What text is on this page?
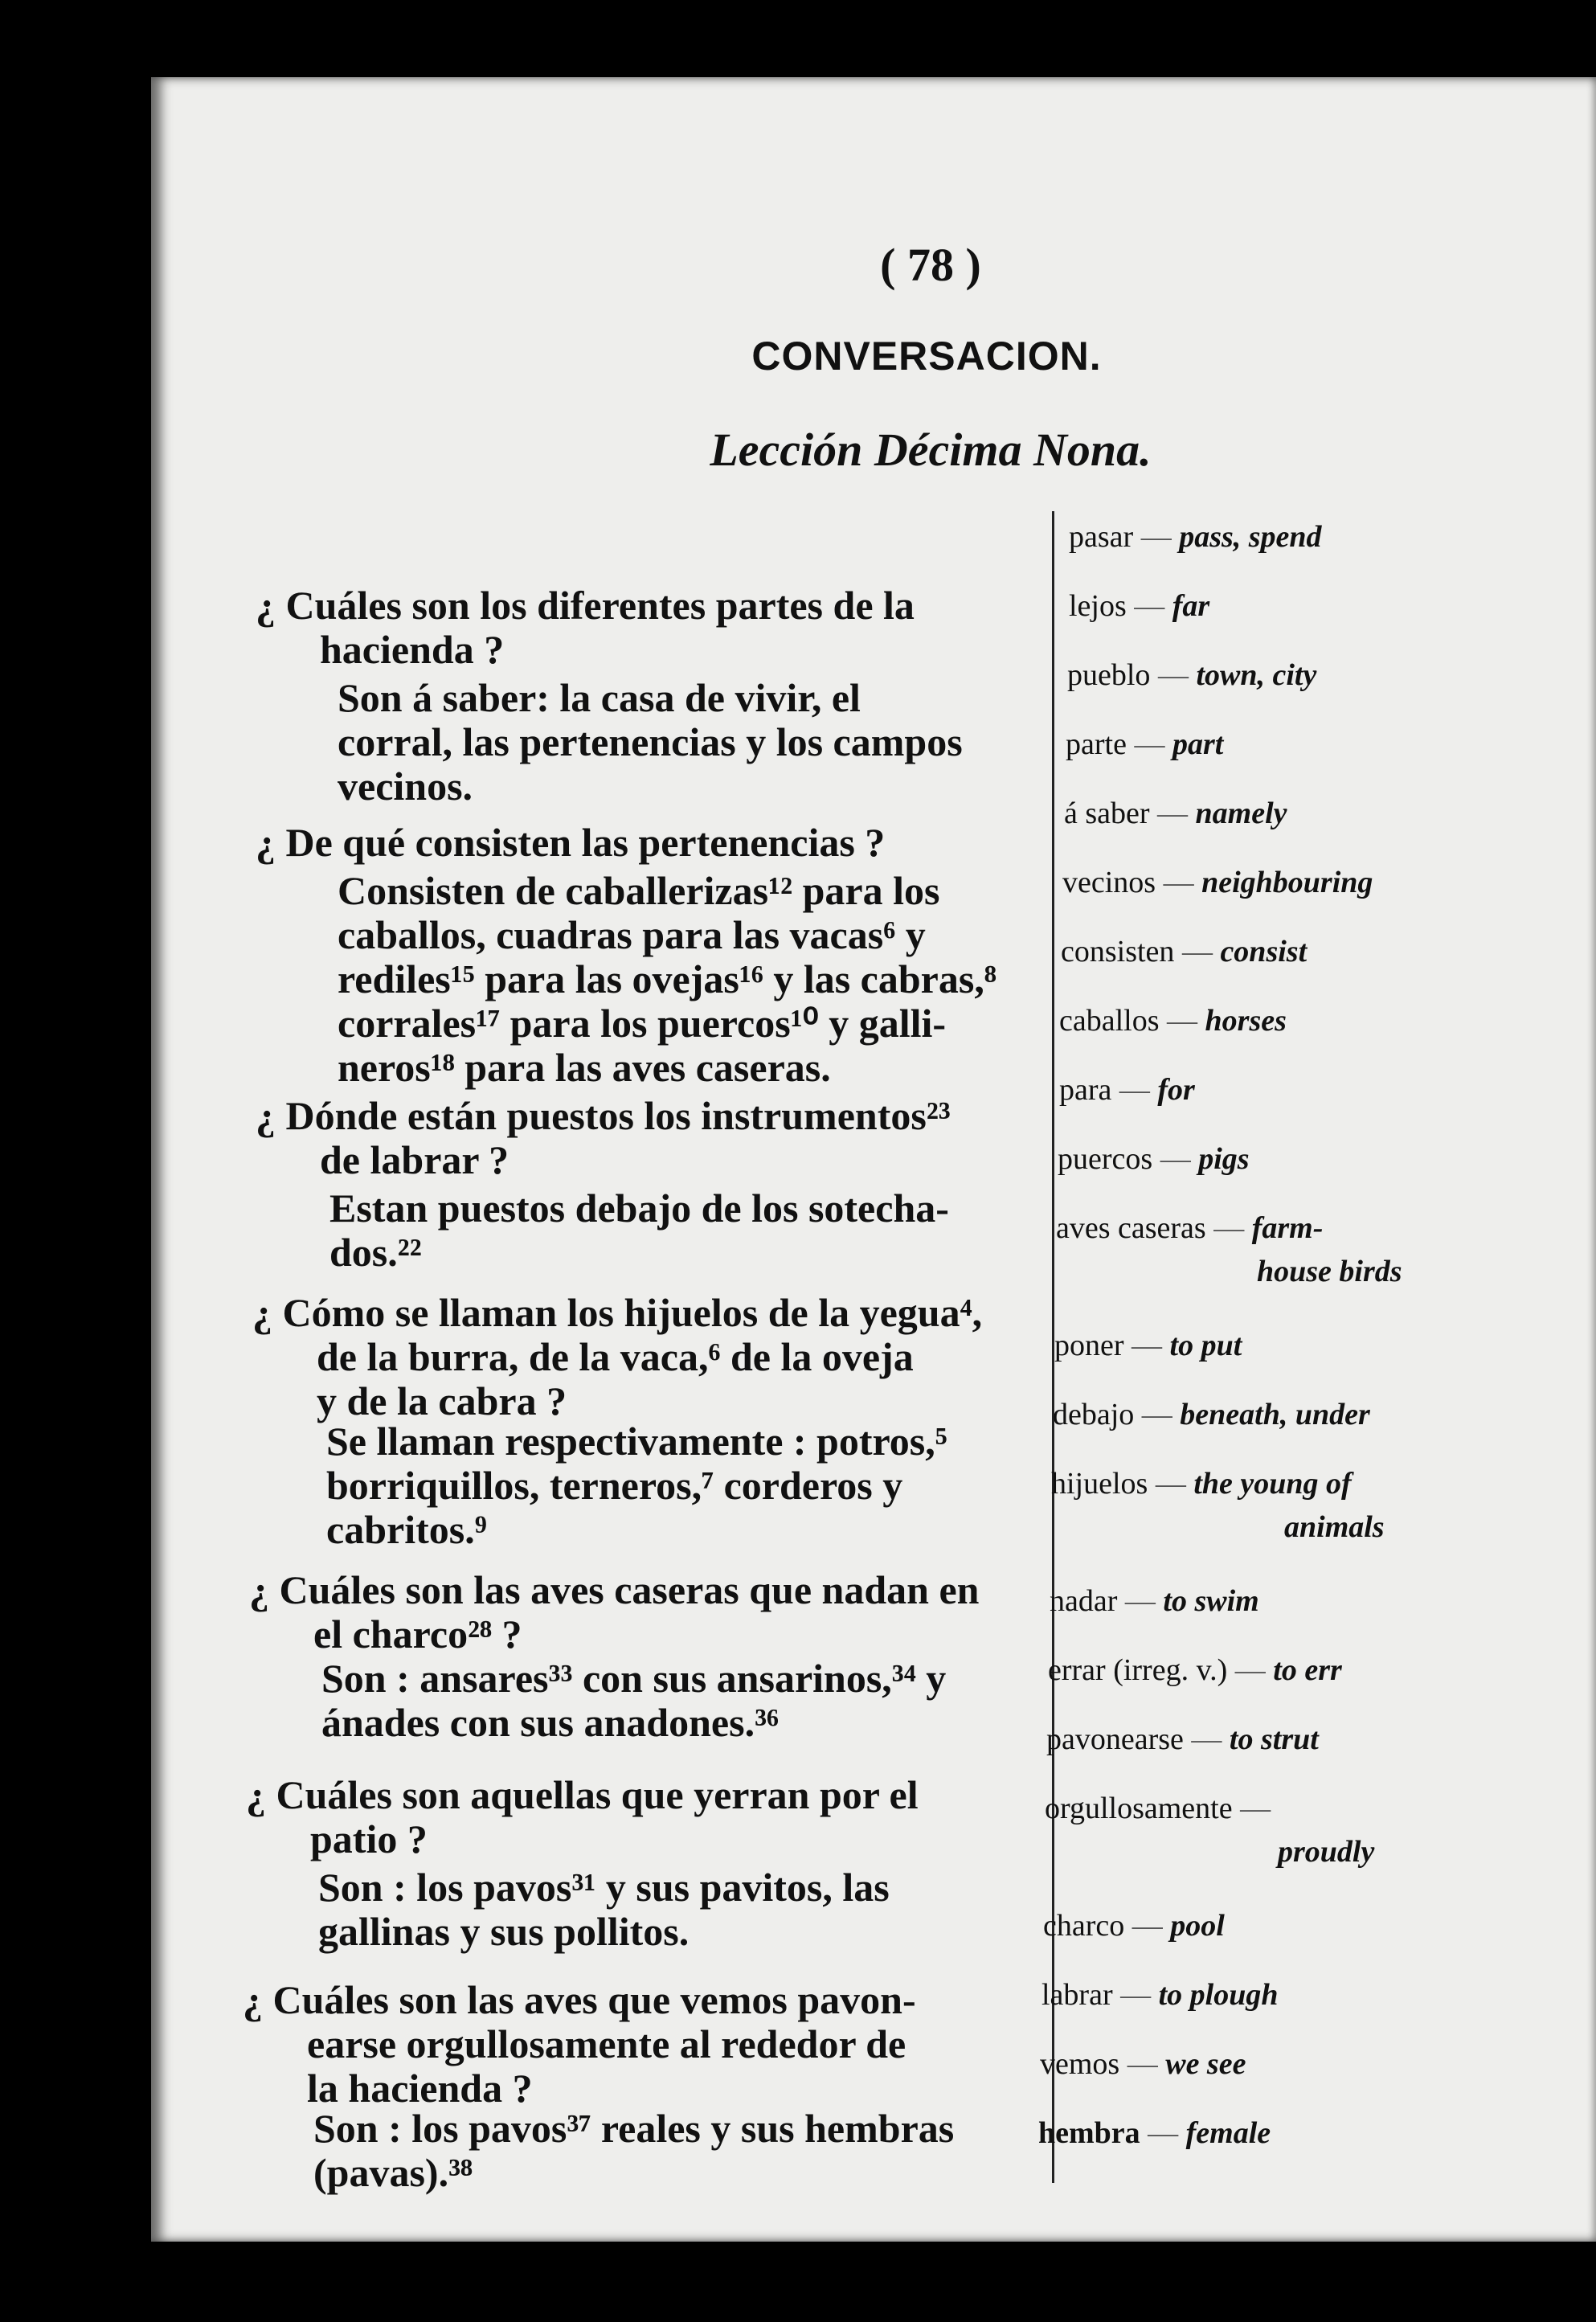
( 78 )
CONVERSACION.
Lección Décima Nona.
¿ Cuáles son los diferentes partes de la
hacienda ?
Son á saber: la casa de vivir, el
corral, las pertenencias y los campos
vecinos.
¿ De qué consisten las pertenencias ?
Consisten de caballerizas¹² para los
caballos, cuadras para las vacas⁶ y
rediles¹⁵ para las ovejas¹⁶ y las cabras,⁸
corrales¹⁷ para los puercos¹⁰ y galli-
neros¹⁸ para las aves caseras.
¿ Dónde están puestos los instrumentos²³
de labrar ?
Estan puestos debajo de los sotecha-
dos.²²
¿ Cómo se llaman los hijuelos de la yegua⁴,
de la burra, de la vaca,⁶ de la oveja
y de la cabra ?
Se llaman respectivamente : potros,⁵
borriquillos, terneros,⁷ corderos y
cabritos.⁹
¿ Cuáles son las aves caseras que nadan en
el charco²⁸ ?
Son : ansares³³ con sus ansarinos,³⁴ y
ánades con sus anadones.³⁶
¿ Cuáles son aquellas que yerran por el
patio ?
Son : los pavos³¹ y sus pavitos, las
gallinas y sus pollitos.
¿ Cuáles son las aves que vemos pavon-
earse orgullosamente al rededor de
la hacienda ?
Son : los pavos³⁷ reales y sus hembras
(pavas).³⁸
pasar — pass, spend
lejos — far
pueblo — town, city
parte — part
á saber — namely
vecinos — neighbouring
consisten — consist
caballos — horses
para — for
puercos — pigs
aves caseras — farm-
house birds
poner — to put
debajo — beneath, under
hijuelos — the young of
animals
nadar — to swim
errar (irreg. v.) — to err
pavonearse — to strut
orgullosamente —
proudly
charco — pool
labrar — to plough
vemos — we see
hembra — female
